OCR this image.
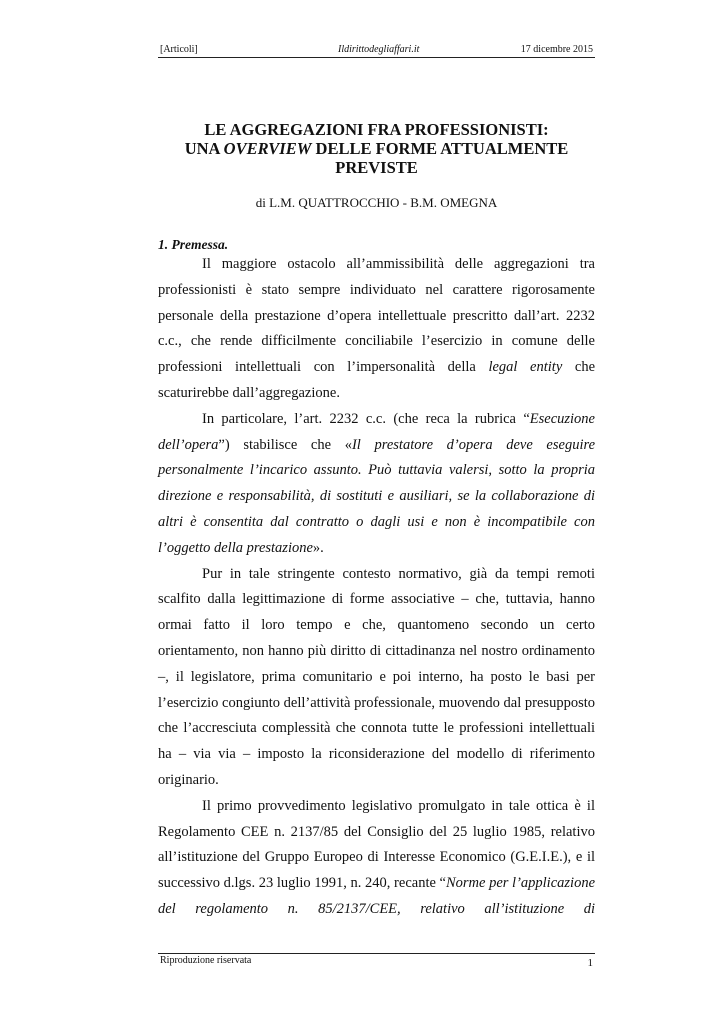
[Articoli]	Ildirittodegliaffari.it	17 dicembre 2015
LE AGGREGAZIONI FRA PROFESSIONISTI:
UNA OVERVIEW DELLE FORME ATTUALMENTE
PREVISTE
di L.M. QUATTROCCHIO - B.M. OMEGNA
1. Premessa.

Il maggiore ostacolo all’ammissibilità delle aggregazioni tra professionisti è stato sempre individuato nel carattere rigorosamente personale della prestazione d’opera intellettuale prescritto dall’art. 2232 c.c., che rende difficilmente conciliabile l’esercizio in comune delle professioni intellettuali con l’impersonalità della legal entity che scaturirebbe dall’aggregazione.

In particolare, l’art. 2232 c.c. (che reca la rubrica “Esecuzione dell’opera”) stabilisce che «Il prestatore d’opera deve eseguire personalmente l’incarico assunto. Può tuttavia valersi, sotto la propria direzione e responsabilità, di sostituti e ausiliari, se la collaborazione di altri è consentita dal contratto o dagli usi e non è incompatibile con l’oggetto della prestazione».

Pur in tale stringente contesto normativo, già da tempi remoti scalfito dalla legittimazione di forme associative – che, tuttavia, hanno ormai fatto il loro tempo e che, quantomeno secondo un certo orientamento, non hanno più diritto di cittadinanza nel nostro ordinamento –, il legislatore, prima comunitario e poi interno, ha posto le basi per l’esercizio congiunto dell’attività professionale, muovendo dal presupposto che l’accresciuta complessità che connota tutte le professioni intellettuali ha – via via – imposto la riconsiderazione del modello di riferimento originario.

Il primo provvedimento legislativo promulgato in tale ottica è il Regolamento CEE n. 2137/85 del Consiglio del 25 luglio 1985, relativo all’istituzione del Gruppo Europeo di Interesse Economico (G.E.I.E.), e il successivo d.lgs. 23 luglio 1991, n. 240, recante “Norme per l’applicazione del regolamento n. 85/2137/CEE, relativo all’istituzione di

Riproduzione riservata	1
